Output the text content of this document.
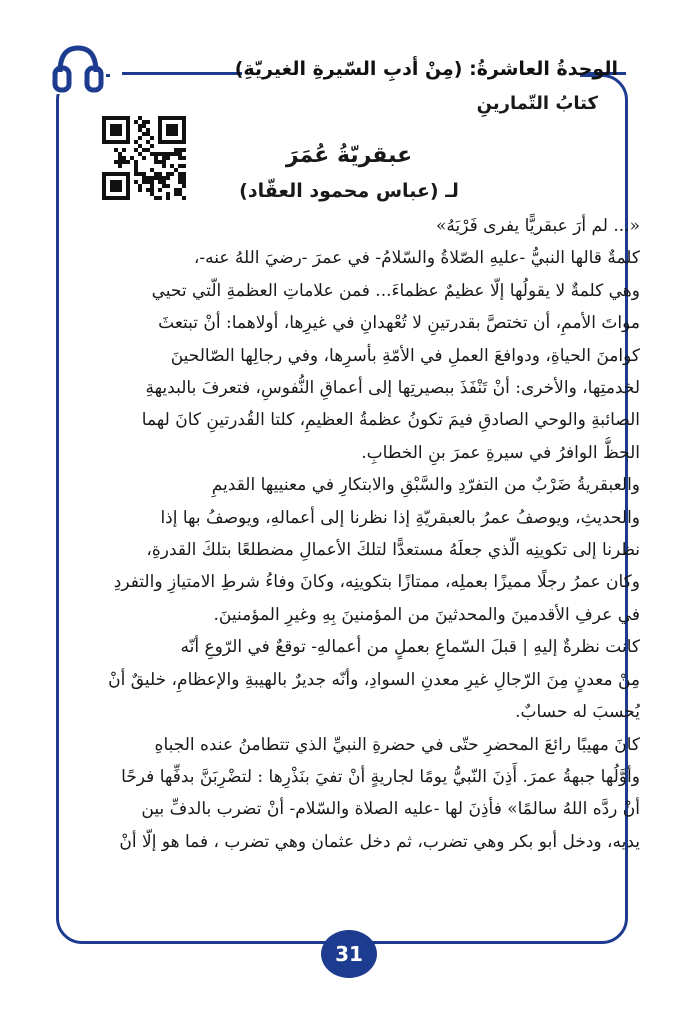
الوحدةُ العاشرةُ: (مِنْ أدبِ السّيرةِ الغيريّةِ)
كتابُ التّمارينِ
عبقريّةُ عُمَرَ
لـ (عباس محمود العقّاد)
«... لم أرَ عبقريًّا يفرى فَرْيَهُ»
كلمةٌ قالها النبيُّ -عليهِ الصّلاةُ والسّلامُ- في عمرَ -رضيَ اللهُ عنه-،
وهي كلمةٌ لا يقولُها إلّا عظيمٌ عظماءَ... فمن علاماتِ العظمةِ الّتي تحيي
مواتَ الأممِ، أن تختصَّ بقدرتينِ لا تُعْهدانِ في غيرِها، أولاهما: أنْ تبتعثَ
كوامنَ الحياةِ، ودوافعَ العملِ في الأمّةِ بأسرِها، وفي رجالِها الصّالحينَ
لخدمتِها، والأخرى: أنْ تَنْفَذَ ببصيرتِها إلى أعماقِ النُّفوسِ، فتعرفَ بالبديهةِ
الصائبةِ والوحي الصادقِ فيمَ تكونُ عظمةُ العظيمِ، كلتا القُدرتينِ كانَ لهما
الحظُّ الوافرُ في سيرةِ عمرَ بنِ الخطابِ.
والعبقريةُ ضَرْبٌ من التفرّدِ والسَّبْقِ والابتكارِ في معنييها القديمِ
والحديثِ، ويوصفُ عمرُ بالعبقريّةِ إذا نظرنا إلى أعمالهِ، ويوصفُ بها إذا
نظرنا إلى تكوينِه الّذي جعلَهُ مستعدًّا لتلكَ الأعمالِ مضطلعًا بتلكَ القدرةِ،
وكان عمرُ رجلًا مميزًا بعملِه، ممتازًا بتكوينِه، وكانَ وفاءُ شرطِ الامتيازِ والتفردِ
في عرفِ الأقدمينَ والمحدثينَ من المؤمنينَ بِهِ وغيرِ المؤمنينَ.
كانت نظرةٌ إليهِ | قبلَ السّماعِ بعملٍ من أعمالهِ- توقعٌ في الرّوعِ أنّه
مِنْ معدنٍ مِنَ الرّجالِ غيرِ معدنِ السوادِ، وأنّه جديرٌ بالهيبةِ والإعظامِ، خليقٌ أنْ
يُحسبَ له حسابٌ.
كانَ مهيبًا رائعَ المحضرِ حتّى في حضرةِ النبيِّ الذي تتطامنُ عنده الجباهِ
وأوَّلُها جبهةُ عمرَ. أَذِنَ النّبيُّ يومًا لجاريةٍ أنْ تفيَ بنَذْرِها : لتضْرِبَنَّ بدفِّها فرحًا
أنْ ردَّه اللهُ سالمًا» فأذِنَ لها -عليه الصلاة والسّلام- أنْ تضرب بالدفِّ بين
يديه، ودخل أبو بكر وهي تضرب، ثم دخل عثمان وهي تضرب ، فما هو إلّا أنْ
31
